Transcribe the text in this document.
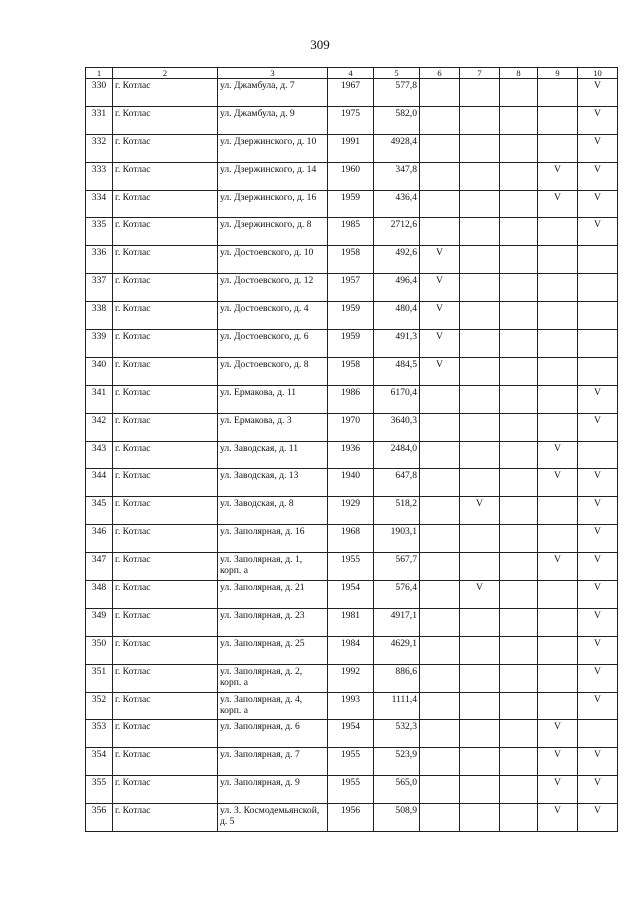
309
1	2	3	4	5	6	7	8	9	10
330	г. Котлас	ул. Джамбула, д. 7	1967	577,8					V
331	г. Котлас	ул. Джамбула, д. 9	1975	582,0					V
332	г. Котлас	ул. Дзержинского, д. 10	1991	4928,4					V
333	г. Котлас	ул. Дзержинского, д. 14	1960	347,8				V	V
334	г. Котлас	ул. Дзержинского, д. 16	1959	436,4				V	V
335	г. Котлас	ул. Дзержинского, д. 8	1985	2712,6					V
336	г. Котлас	ул. Достоевского, д. 10	1958	492,6	V				
337	г. Котлас	ул. Достоевского, д. 12	1957	496,4	V				
338	г. Котлас	ул. Достоевского, д. 4	1959	480,4	V				
339	г. Котлас	ул. Достоевского, д. 6	1959	491,3	V				
340	г. Котлас	ул. Достоевского, д. 8	1958	484,5	V				
341	г. Котлас	ул. Ермакова, д. 11	1986	6170,4					V
342	г. Котлас	ул. Ермакова, д. 3	1970	3640,3					V
343	г. Котлас	ул. Заводская, д. 11	1936	2484,0				V	
344	г. Котлас	ул. Заводская, д. 13	1940	647,8				V	V
345	г. Котлас	ул. Заводская, д. 8	1929	518,2		V			V
346	г. Котлас	ул. Заполярная, д. 16	1968	1903,1					V
347	г. Котлас	ул. Заполярная, д. 1, корп. а	1955	567,7				V	V
348	г. Котлас	ул. Заполярная, д. 21	1954	576,4		V			V
349	г. Котлас	ул. Заполярная, д. 23	1981	4917,1					V
350	г. Котлас	ул. Заполярная, д. 25	1984	4629,1					V
351	г. Котлас	ул. Заполярная, д. 2, корп. а	1992	886,6					V
352	г. Котлас	ул. Заполярная, д. 4, корп. а	1993	1111,4					V
353	г. Котлас	ул. Заполярная, д. 6	1954	532,3				V	
354	г. Котлас	ул. Заполярная, д. 7	1955	523,9				V	V
355	г. Котлас	ул. Заполярная, д. 9	1955	565,0				V	V
356	г. Котлас	ул. З. Космодемьянской, д. 5	1956	508,9				V	V
